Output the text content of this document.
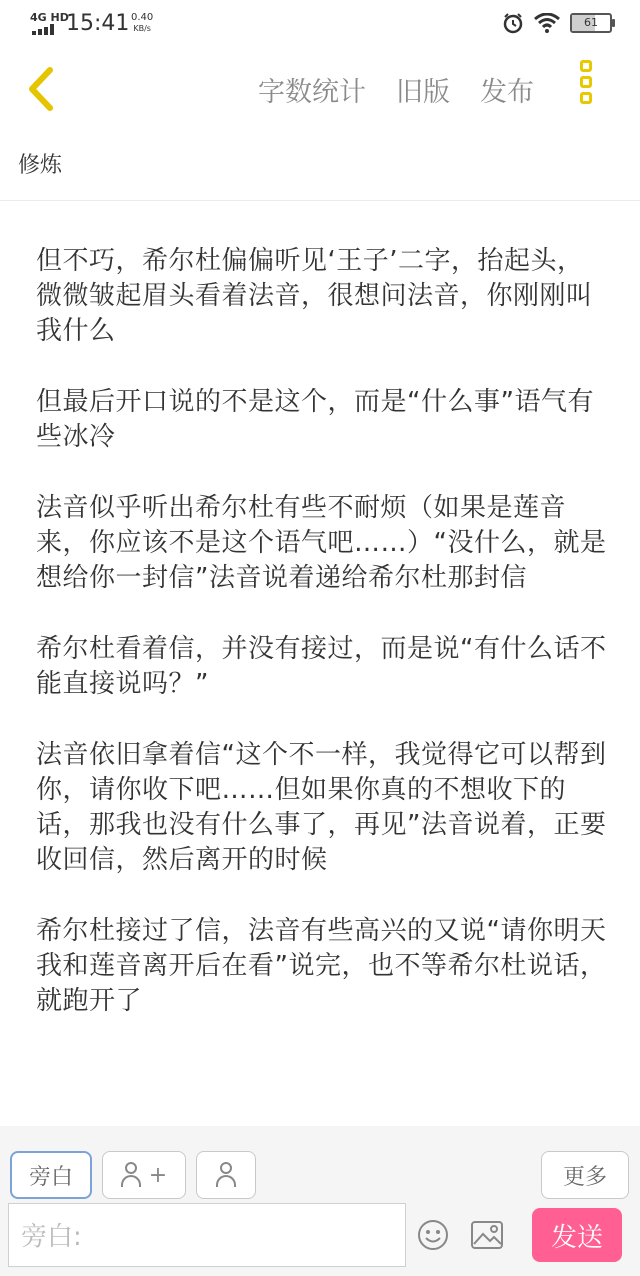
4G HD
15:41 0.40
KB/s	61
字数统计 旧版 发布
修炼

但不巧，希尔杜偏偏听见‘王子’二字，抬起头，微微皱起眉头看着法音，很想问法音，你刚刚叫我什么

但最后开口说的不是这个，而是“什么事”语气有些冰冷

法音似乎听出希尔杜有些不耐烦（如果是莲音来，你应该不是这个语气吧……）“没什么，就是想给你一封信”法音说着递给希尔杜那封信

希尔杜看着信，并没有接过，而是说“有什么话不能直接说吗？”

法音依旧拿着信“这个不一样，我觉得它可以帮到你，请你收下吧……但如果你真的不想收下的话，那我也没有什么事了，再见”法音说着，正要收回信，然后离开的时候

希尔杜接过了信，法音有些高兴的又说“请你明天我和莲音离开后在看”说完，也不等希尔杜说话，就跑开了

旁白	+	更多
旁白:	发送
